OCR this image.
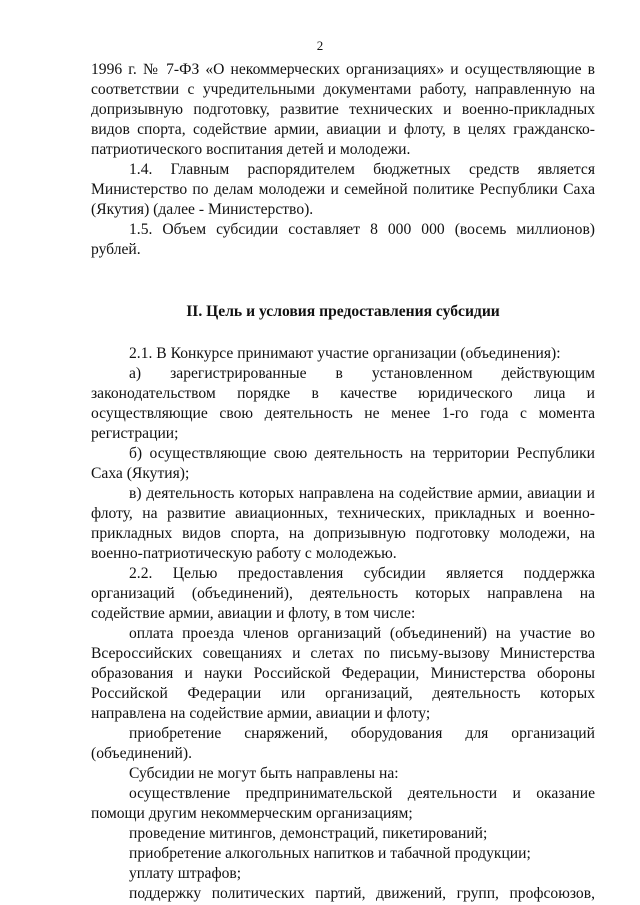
2

1996 г. № 7-ФЗ «О некоммерческих организациях» и осуществляющие в соответствии с учредительными документами работу, направленную на допризывную подготовку, развитие технических и военно-прикладных видов спорта, содействие армии, авиации и флоту, в целях гражданско-патриотического воспитания детей и молодежи.

1.4. Главным распорядителем бюджетных средств является Министерство по делам молодежи и семейной политике Республики Саха (Якутия) (далее - Министерство).

1.5. Объем субсидии составляет 8 000 000 (восемь миллионов) рублей.

II. Цель и условия предоставления субсидии

2.1. В Конкурсе принимают участие организации (объединения):

а) зарегистрированные в установленном действующим законодательством порядке в качестве юридического лица и осуществляющие свою деятельность не менее 1-го года с момента регистрации;

б) осуществляющие свою деятельность на территории Республики Саха (Якутия);

в) деятельность которых направлена на содействие армии, авиации и флоту, на развитие авиационных, технических, прикладных и военно-прикладных видов спорта, на допризывную подготовку молодежи, на военно-патриотическую работу с молодежью.

2.2. Целью предоставления субсидии является поддержка организаций (объединений), деятельность которых направлена на содействие армии, авиации и флоту, в том числе:

оплата проезда членов организаций (объединений) на участие во Всероссийских совещаниях и слетах по письму-вызову Министерства образования и науки Российской Федерации, Министерства обороны Российской Федерации или организаций, деятельность которых направлена на содействие армии, авиации и флоту;

приобретение снаряжений, оборудования для организаций (объединений).

Субсидии не могут быть направлены на:

осуществление предпринимательской деятельности и оказание помощи другим некоммерческим организациям;

проведение митингов, демонстраций, пикетирований;

приобретение алкогольных напитков и табачной продукции;

уплату штрафов;

поддержку политических партий, движений, групп, профсоюзов,
